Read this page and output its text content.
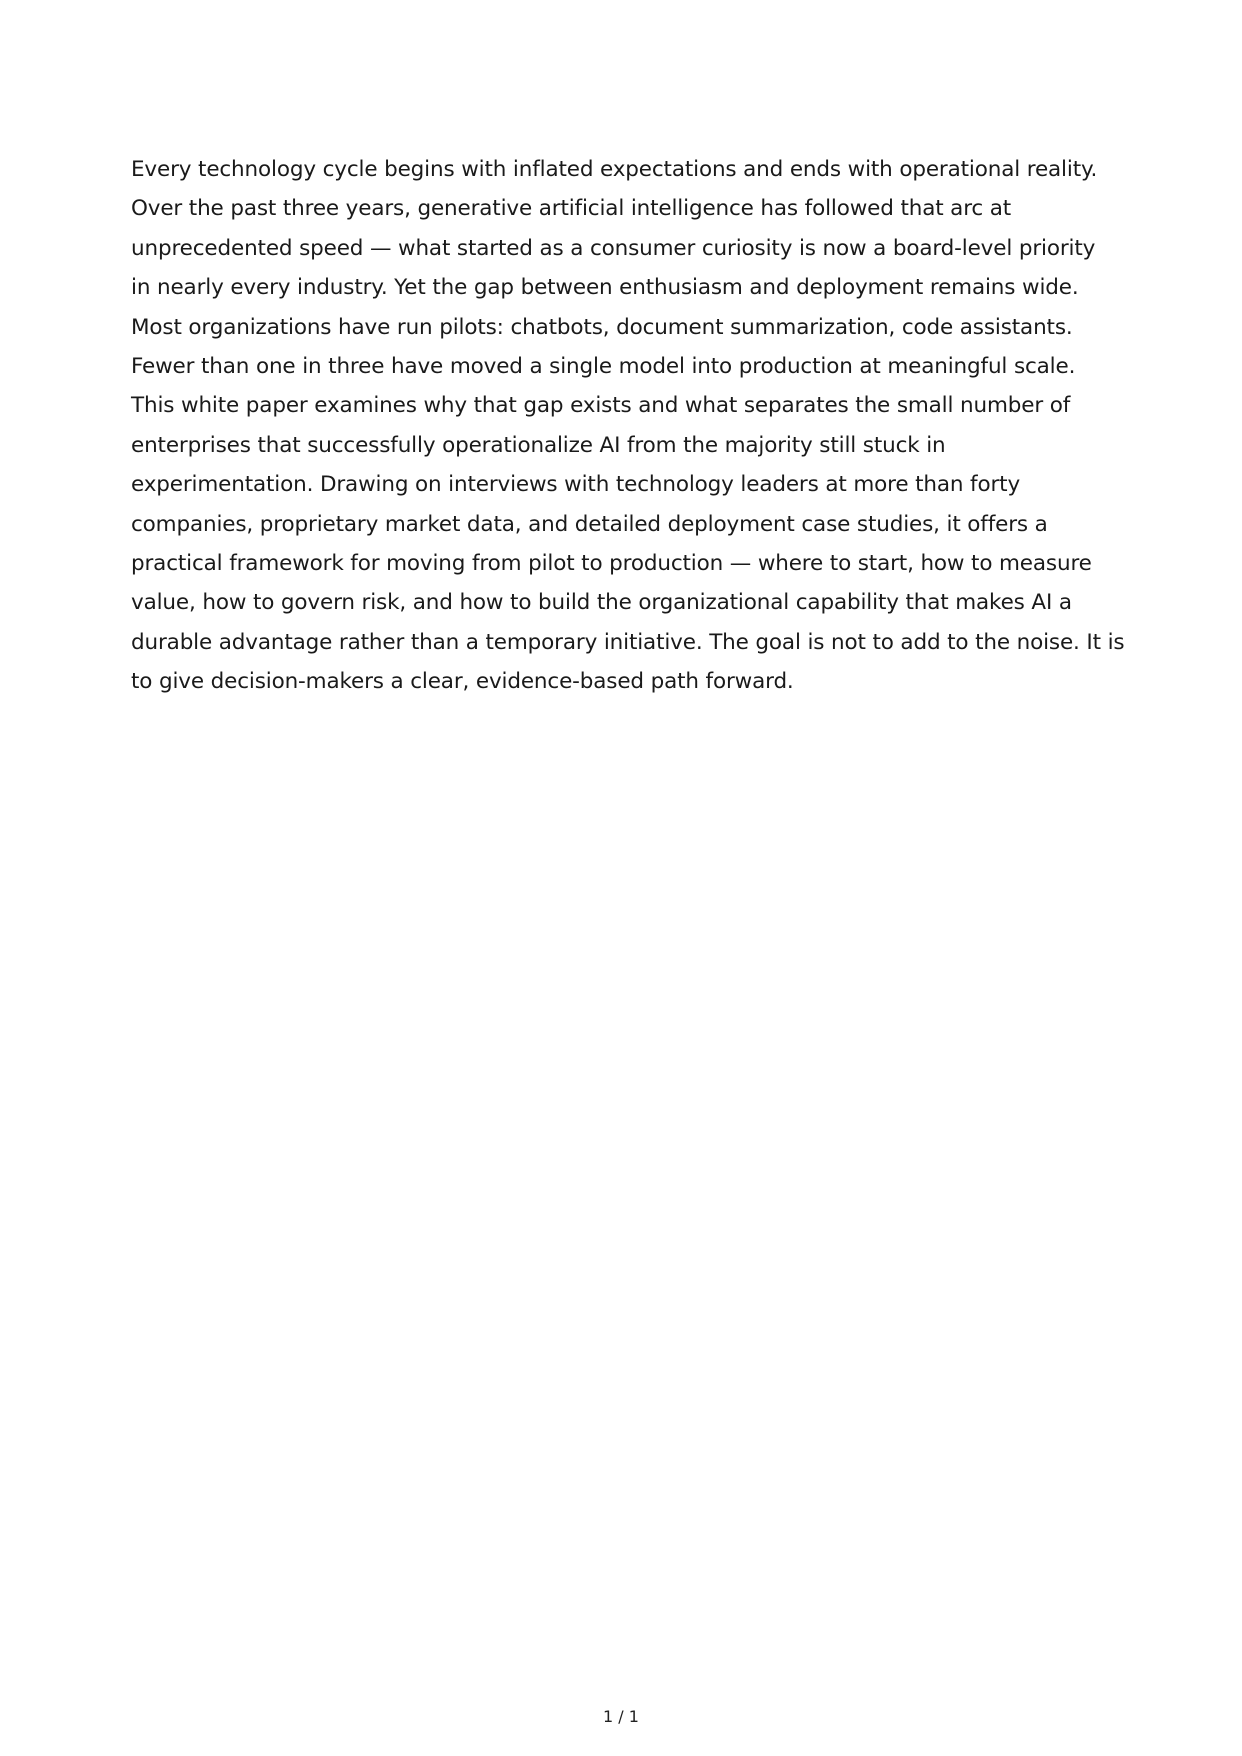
Every technology cycle begins with inflated expectations and ends with operational reality.
Over the past three years, generative artificial intelligence has followed that arc at
unprecedented speed — what started as a consumer curiosity is now a board-level priority
in nearly every industry. Yet the gap between enthusiasm and deployment remains wide.
Most organizations have run pilots: chatbots, document summarization, code assistants.
Fewer than one in three have moved a single model into production at meaningful scale.
This white paper examines why that gap exists and what separates the small number of
enterprises that successfully operationalize AI from the majority still stuck in
experimentation. Drawing on interviews with technology leaders at more than forty
companies, proprietary market data, and detailed deployment case studies, it offers a
practical framework for moving from pilot to production — where to start, how to measure
value, how to govern risk, and how to build the organizational capability that makes AI a
durable advantage rather than a temporary initiative. The goal is not to add to the noise. It is
to give decision-makers a clear, evidence-based path forward.

1 / 1
